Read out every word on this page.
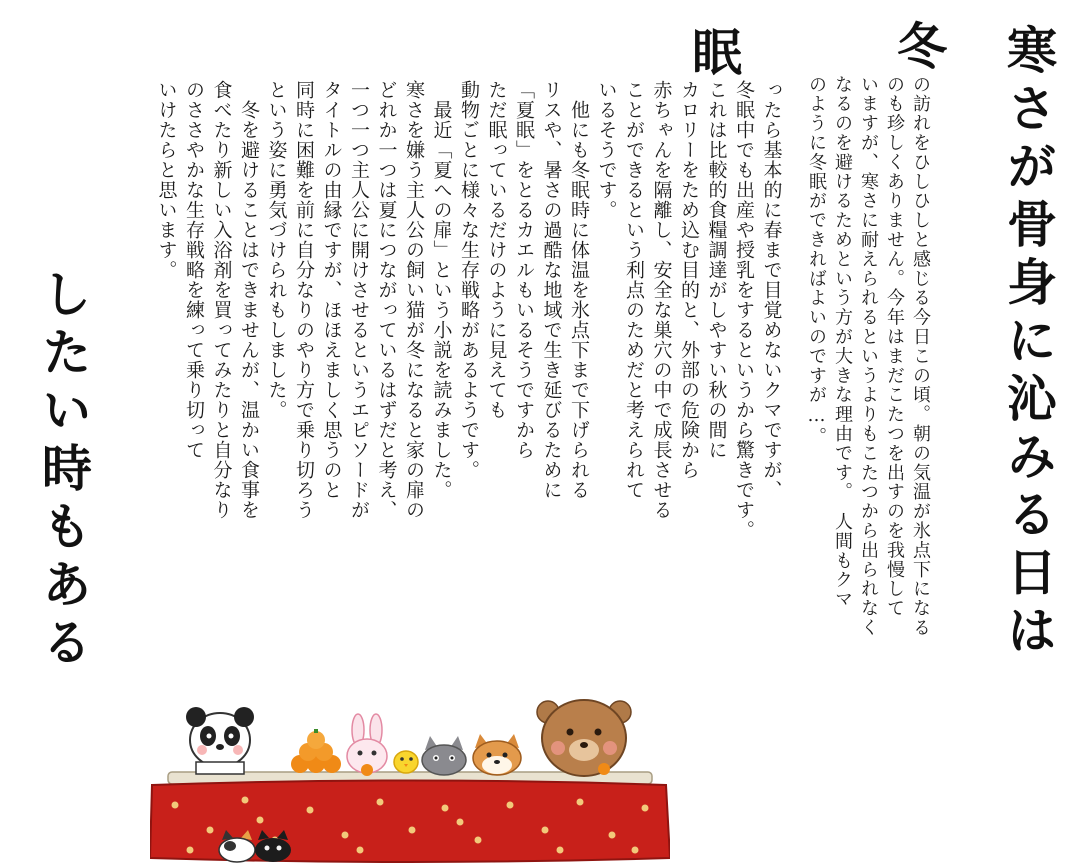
寒さが骨身に沁みる日は
冬
眠
したい時もある	の訪れをひしひしと感じる今日この頃。朝の気温が氷点下になる
のも珍しくありません。今年はまだこたつを出すのを我慢して
いますが、寒さに耐えられるというよりもこたつから出られなく
なるのを避けるためという方が大きな理由です。　人間もクマ
のように冬眠ができればよいのですが…。
ったら基本的に春まで目覚めないクマですが、
冬眠中でも出産や授乳をするというから驚きです。
これは比較的食糧調達がしやすい秋の間に
カロリーをため込む目的と、外部の危険から
赤ちゃんを隔離し、安全な巣穴の中で成長させる
ことができるという利点のためだと考えられて
いるそうです。
　他にも冬眠時に体温を氷点下まで下げられる
リスや、暑さの過酷な地域で生き延びるために
「夏眠」をとるカエルもいるそうですから
ただ眠っているだけのように見えても
動物ごとに様々な生存戦略があるようです。
　最近「夏への扉」という小説を読みました。
寒さを嫌う主人公の飼い猫が冬になると家の扉の
どれか一つは夏につながっているはずだと考え、
一つ一つ主人公に開けさせるというエピソードが
タイトルの由縁ですが、ほほえましく思うのと
同時に困難を前に自分なりのやり方で乗り切ろう
という姿に勇気づけられもしました。
　冬を避けることはできませんが、温かい食事を
食べたり新しい入浴剤を買ってみたりと自分なり
のささやかな生存戦略を練って乗り切って
いけたらと思います。
